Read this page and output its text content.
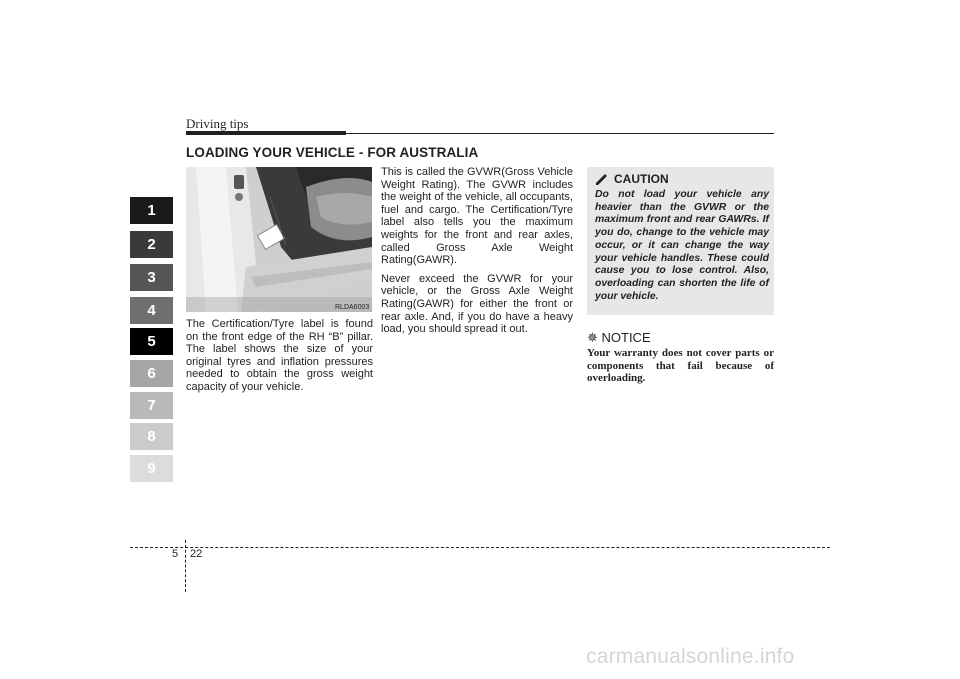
Driving tips
1
2
3
4
5
6
7
8
9
LOADING YOUR VEHICLE - FOR AUSTRALIA
RLDA6003
The Certification/Tyre label is found on the front edge of the RH “B” pillar. The label shows the size of your original tyres and inflation pressures needed to obtain the gross weight capacity of your vehicle.

This is called the GVWR(Gross Vehicle Weight Rating). The GVWR includes the weight of the vehicle, all occupants, fuel and cargo. The Certification/Tyre label also tells you the maximum weights for the front and rear axles, called Gross Axle Weight Rating(GAWR).

Never exceed the GVWR for your vehicle, or the Gross Axle Weight Rating(GAWR) for either the front or rear axle. And, if you do have a heavy load, you should spread it out.

CAUTION
Do not load your vehicle any heavier than the GVWR or the maximum front and rear GAWRs. If you do, change to the vehicle may occur, or it can change the way your vehicle handles. These could cause you to lose control. Also, overloading can shorten the life of your vehicle.
✵ NOTICE
Your warranty does not cover parts or components that fail because of overloading.
5 22
carmanualsonline.info
